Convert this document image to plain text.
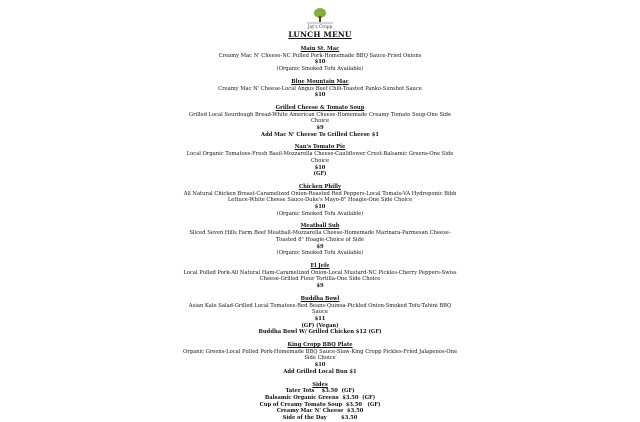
Jay's Cropp
LUNCH MENU
Main St. Mac
Creamy Mac N' Cheese-NC Pulled Pork-Homemade BBQ Sauce-Fried Onions
$10
(Organic Smoked Tofu Available)
Blue Mountain Mac
Creamy Mac N' Cheese-Local Angus Beef Chili-Toasted Panko-Sunshot Sauce
$10
Grilled Cheese & Tomato Soup
Grilled Local Sourdough Bread-White American Cheese-Homemade Creamy Tomato Soup-One Side Choice
$9
Add Mac N' Cheese To Grilled Cheese $1
Nan's Tomato Pie
Local Organic Tomatoes-Fresh Basil-Mozzarella Cheese-Cauliflower Crust-Balsamic Greens-One Side Choice
$10
(GF)
Chicken Philly
All Natural Chicken Breast-Caramelized Onion-Roasted Red Peppers-Local Tomato-VA Hydroponic Bibb Lettuce-White Cheese Sauce-Duke's Mayo-8" Hoagie-One Side Choice
$10
(Organic Smoked Tofu Available)
Meatball Sub
Sliced Seven Hills Farm Beef Meatball-Mozzarella Cheese-Homemade Marinara-Parmesan Cheese-Toasted 8" Hoagie-Choice of Side
$9
(Organic Smoked Tofu Available)
El Jefe
Local Pulled Pork-All Natural Ham-Caramelized Onion-Local Mustard-NC Pickles-Cherry Peppers-Swiss Cheese-Grilled Flour Tortilla-One Side Choice
$9
Buddha Bowl
Asian Kale Salad-Grilled Local Tomatoes-Red Beans-Quinoa-Pickled Onion-Smoked Tofu-Tahini BBQ Sauce
$11
(GF) (Vegan)
Buddha Bowl W/ Grilled Chicken $12 (GF)
King Cropp BBQ Plate
Organic Greens-Local Pulled Pork-Homemade BBQ Sauce-Slaw-King Cropp Pickles-Fried Jalapenos-One Side Choice
$10
Add Grilled Local Bun $1
Sides
Tater Tots    $3.50  (GF)
Balsamic Organic Greens  $3.50  (GF)
Cup of Creamy Tomato Soup  $3.50   (GF)
Creamy Mac N' Cheese  $3.50
Side of the Day        $3.50
